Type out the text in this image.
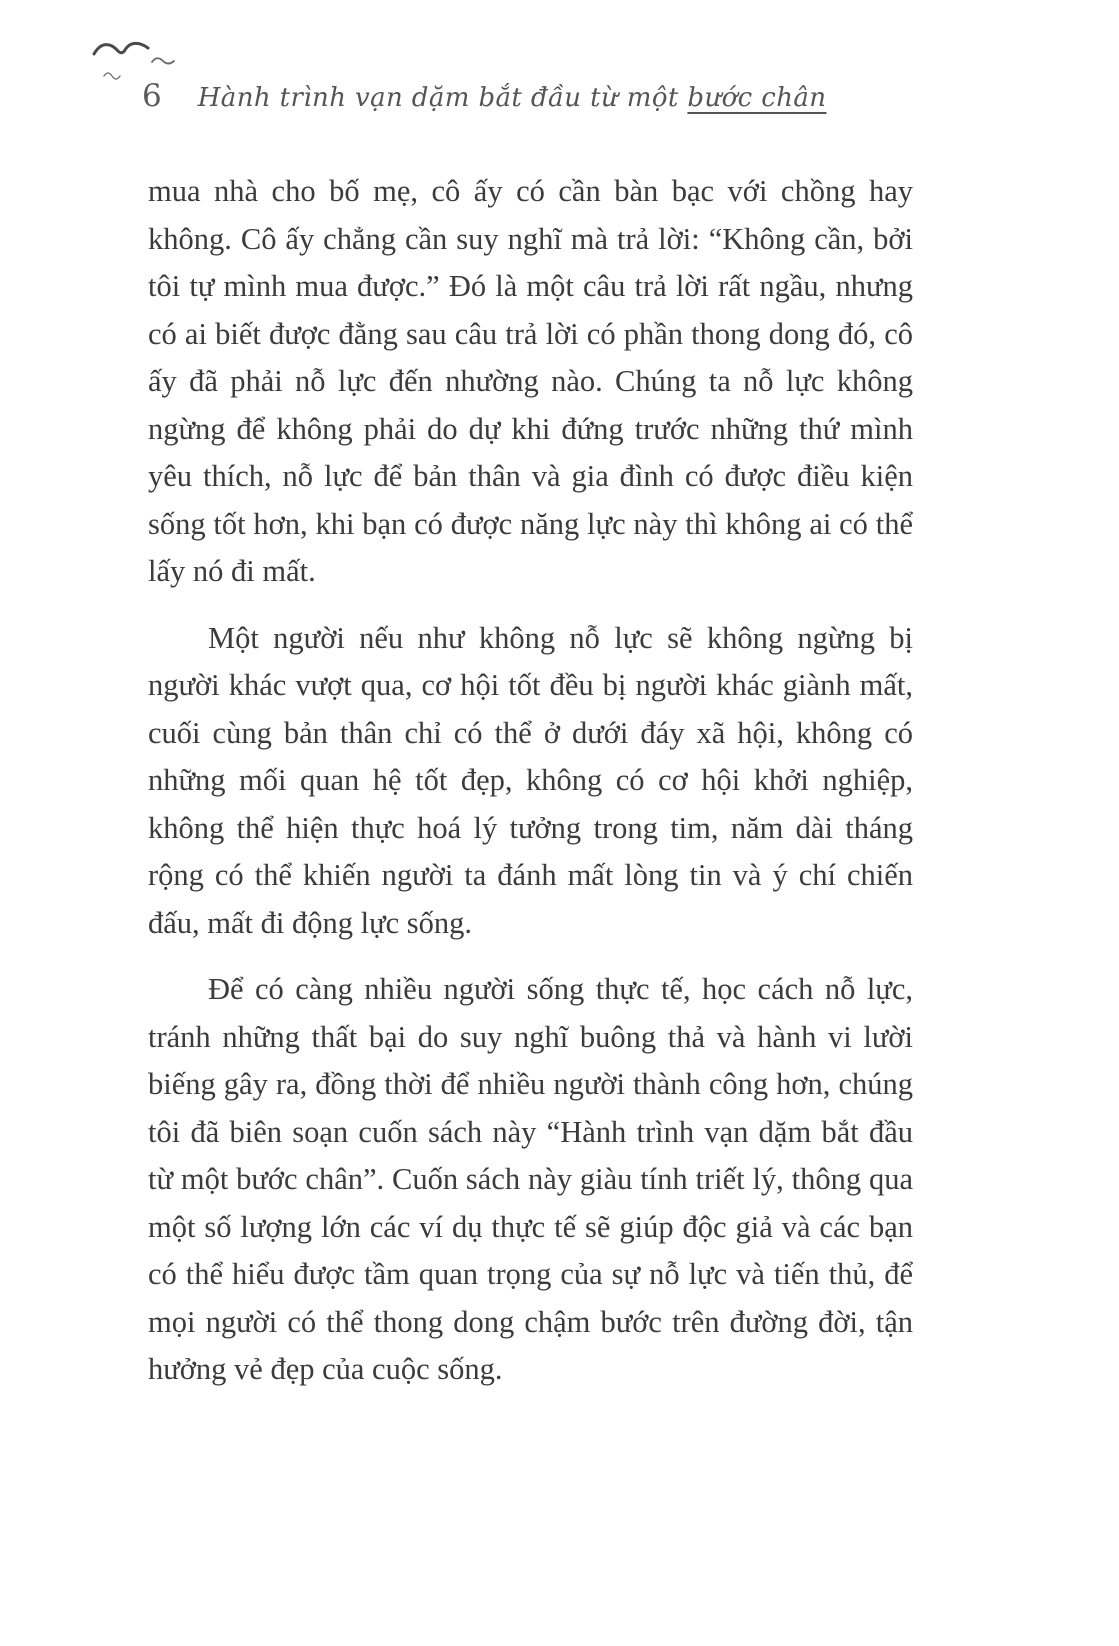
6 Hành trình vạn dặm bắt đầu từ một bước chân

mua nhà cho bố mẹ, cô ấy có cần bàn bạc với chồng hay không. Cô ấy chẳng cần suy nghĩ mà trả lời: “Không cần, bởi tôi tự mình mua được.” Đó là một câu trả lời rất ngầu, nhưng có ai biết được đằng sau câu trả lời có phần thong dong đó, cô ấy đã phải nỗ lực đến nhường nào. Chúng ta nỗ lực không ngừng để không phải do dự khi đứng trước những thứ mình yêu thích, nỗ lực để bản thân và gia đình có được điều kiện sống tốt hơn, khi bạn có được năng lực này thì không ai có thể lấy nó đi mất.

Một người nếu như không nỗ lực sẽ không ngừng bị người khác vượt qua, cơ hội tốt đều bị người khác giành mất, cuối cùng bản thân chỉ có thể ở dưới đáy xã hội, không có những mối quan hệ tốt đẹp, không có cơ hội khởi nghiệp, không thể hiện thực hoá lý tưởng trong tim, năm dài tháng rộng có thể khiến người ta đánh mất lòng tin và ý chí chiến đấu, mất đi động lực sống.

Để có càng nhiều người sống thực tế, học cách nỗ lực, tránh những thất bại do suy nghĩ buông thả và hành vi lười biếng gây ra, đồng thời để nhiều người thành công hơn, chúng tôi đã biên soạn cuốn sách này “Hành trình vạn dặm bắt đầu từ một bước chân”. Cuốn sách này giàu tính triết lý, thông qua một số lượng lớn các ví dụ thực tế sẽ giúp độc giả và các bạn có thể hiểu được tầm quan trọng của sự nỗ lực và tiến thủ, để mọi người có thể thong dong chậm bước trên đường đời, tận hưởng vẻ đẹp của cuộc sống.
